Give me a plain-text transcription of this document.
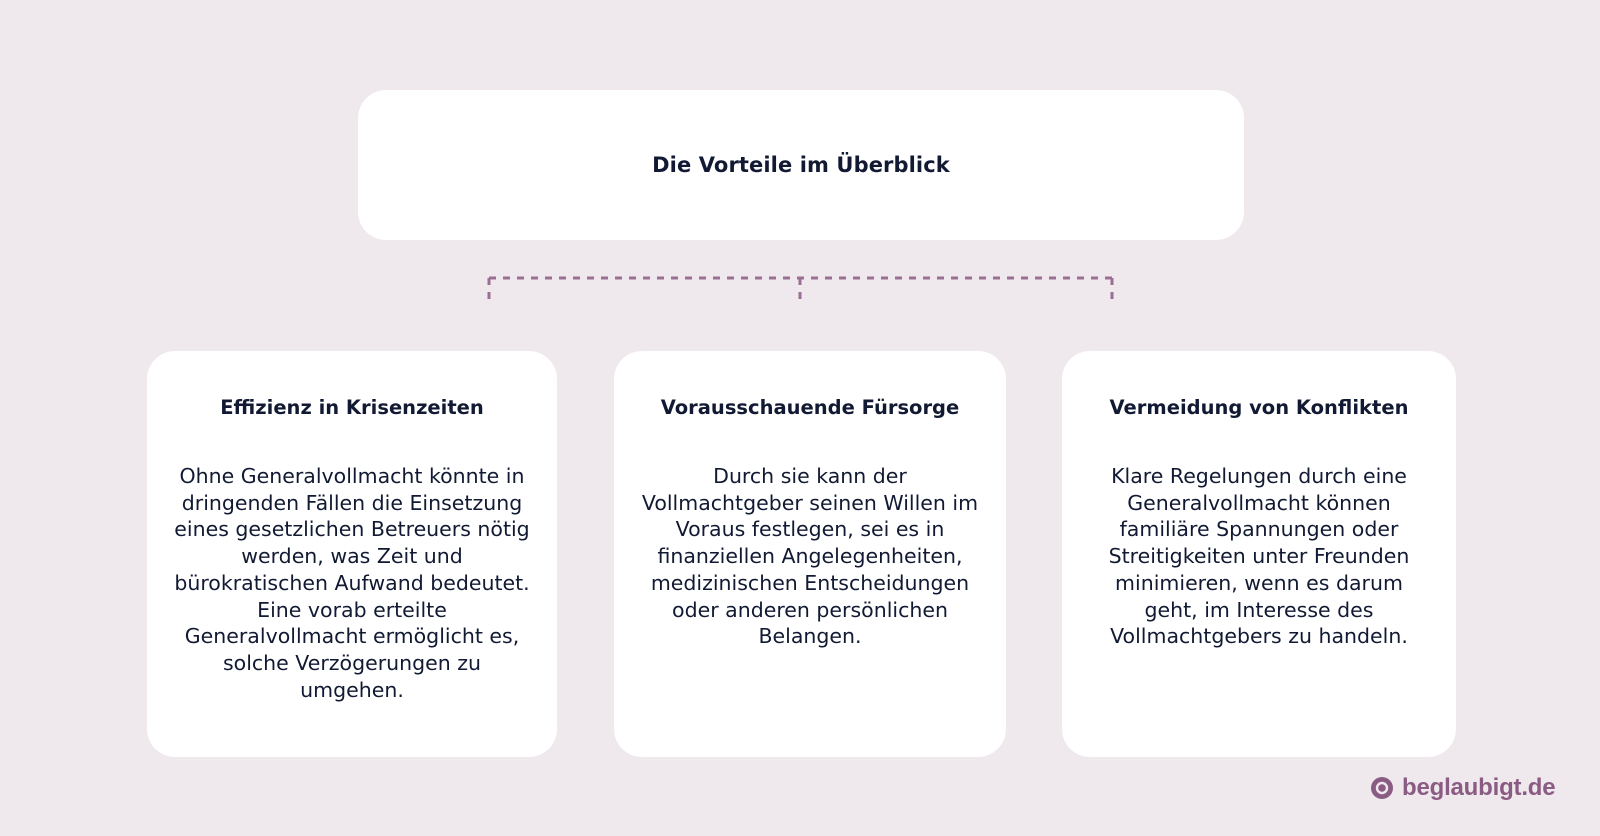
Die Vorteile im Überblick
Effizienz in Krisenzeiten

Ohne Generalvollmacht könnte in dringenden Fällen die Einsetzung eines gesetzlichen Betreuers nötig werden, was Zeit und bürokratischen Aufwand bedeutet. Eine vorab erteilte Generalvollmacht ermöglicht es, solche Verzögerungen zu umgehen.

Vorausschauende Fürsorge

Durch sie kann der Vollmachtgeber seinen Willen im Voraus festlegen, sei es in finanziellen Angelegenheiten, medizinischen Entscheidungen oder anderen persönlichen Belangen.

Vermeidung von Konflikten

Klare Regelungen durch eine Generalvollmacht können familiäre Spannungen oder Streitigkeiten unter Freunden minimieren, wenn es darum geht, im Interesse des Vollmachtgebers zu handeln.

beglaubigt.de
